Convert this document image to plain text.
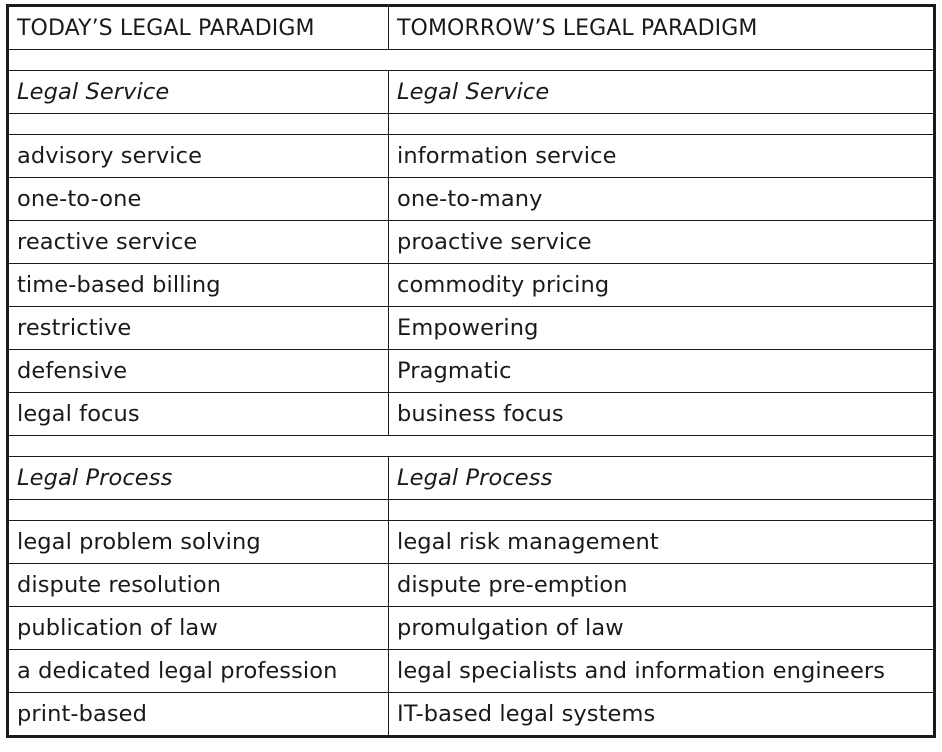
TODAY’S LEGAL PARADIGM	TOMORROW’S LEGAL PARADIGM

Legal Service	Legal Service

advisory service	information service
one-to-one	one-to-many
reactive service	proactive service
time-based billing	commodity pricing
restrictive	Empowering
defensive	Pragmatic
legal focus	business focus

Legal Process	Legal Process

legal problem solving	legal risk management
dispute resolution	dispute pre-emption
publication of law	promulgation of law
a dedicated legal profession	legal specialists and information engineers
print-based	IT-based legal systems
